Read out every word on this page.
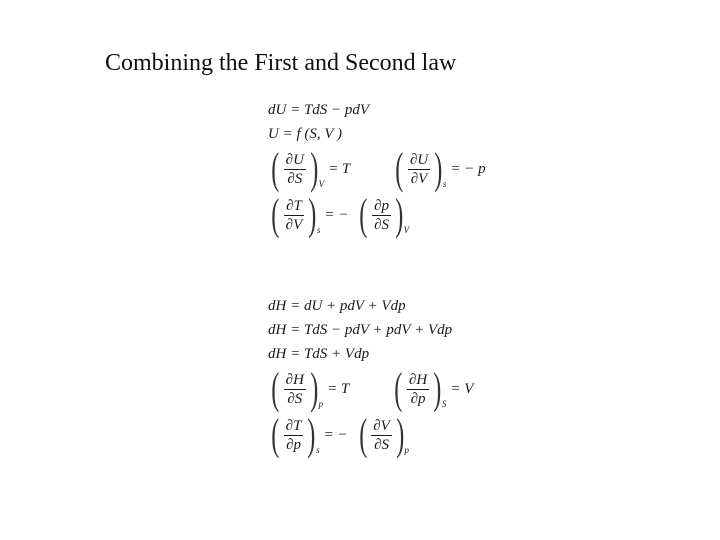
Combining the First and Second law
dU = TdS − pdV
U = f (S, V )
( $\frac{\partial U}{\partial S}$ ) V
= T ( $\frac{\partial U}{\partial V}$ ) s
= − p
( $\frac{\partial T}{\partial V}$ ) s
= − ( $\frac{\partial p}{\partial S}$ ) V
dH = dU + pdV + Vdp
dH = TdS − pdV + pdV + Vdp
dH = TdS + Vdp
( $\frac{\partial H}{\partial S}$ ) p
= T ( $\frac{\partial H}{\partial p}$ ) S
= V
( $\frac{\partial T}{\partial p}$ ) s
= − ( $\frac{\partial V}{\partial S}$ ) p
